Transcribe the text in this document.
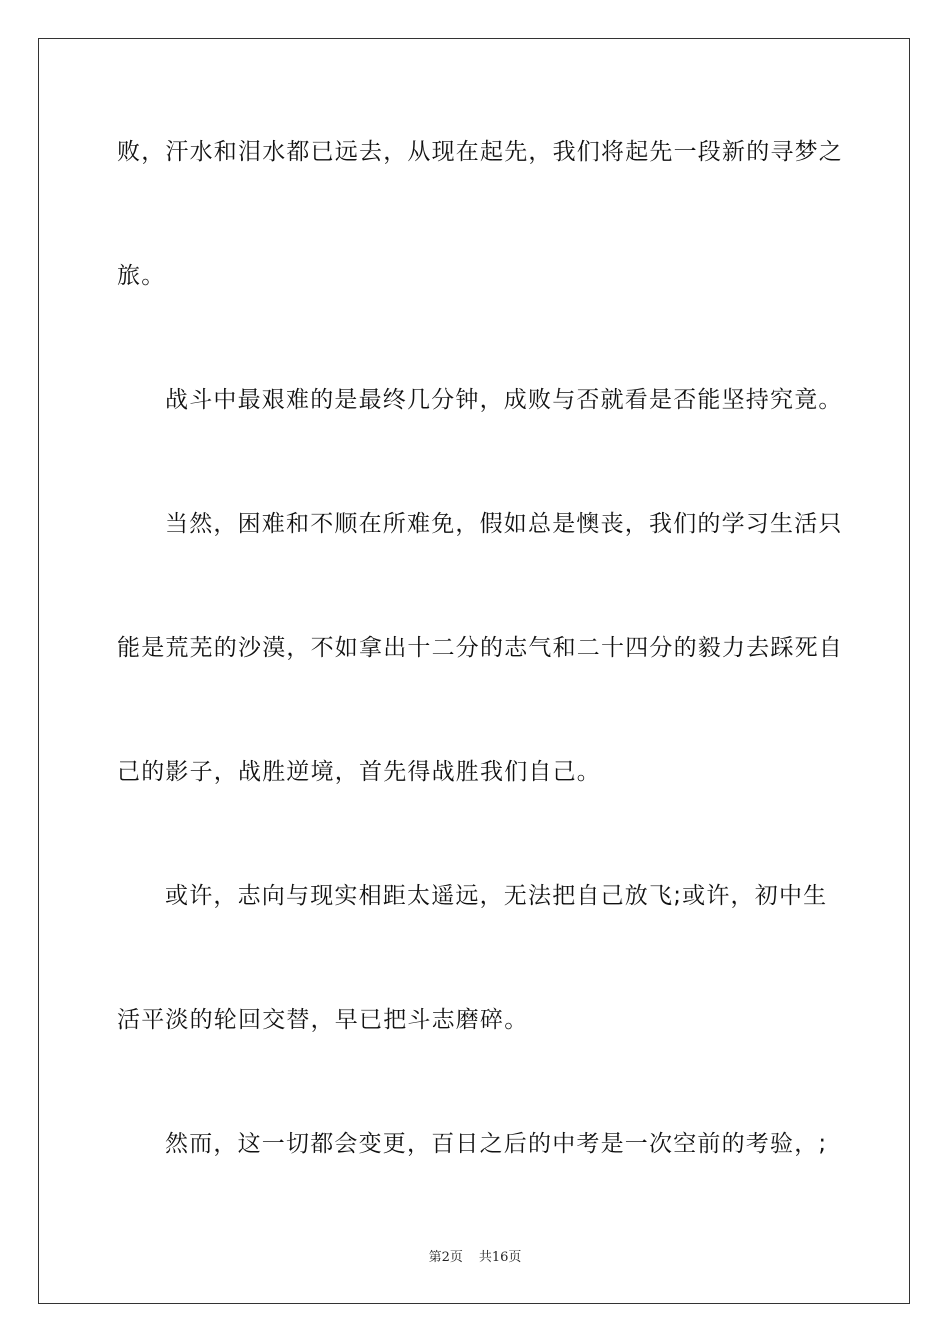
败，汗水和泪水都已远去，从现在起先，我们将起先一段新的寻梦之
旅。
战斗中最艰难的是最终几分钟，成败与否就看是否能坚持究竟。
当然，困难和不顺在所难免，假如总是懊丧，我们的学习生活只
能是荒芜的沙漠，不如拿出十二分的志气和二十四分的毅力去踩死自
己的影子，战胜逆境，首先得战胜我们自己。
或许，志向与现实相距太遥远，无法把自己放飞;或许，初中生
活平淡的轮回交替，早已把斗志磨碎。
然而，这一切都会变更，百日之后的中考是一次空前的考验，;
第2页 共16页
